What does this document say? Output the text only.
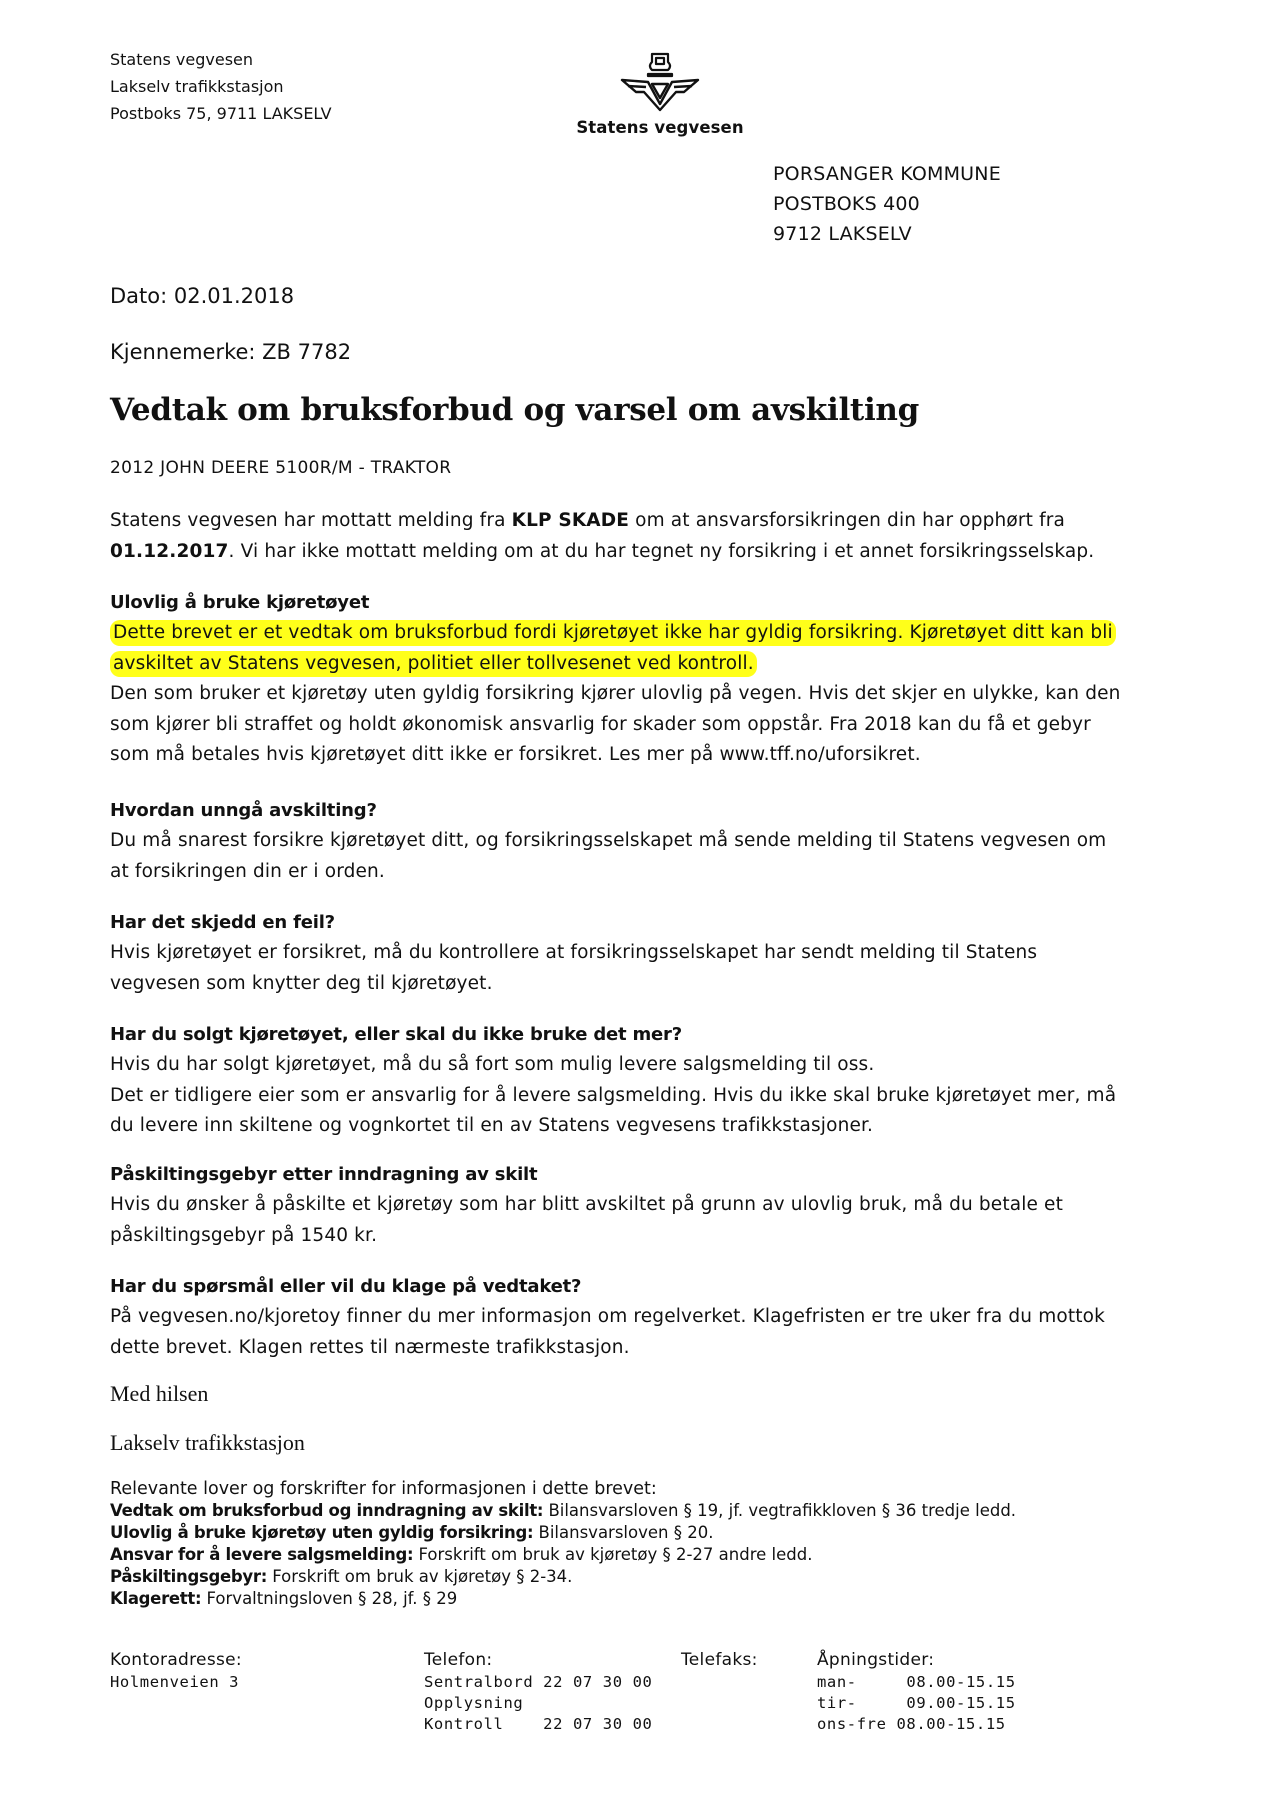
Statens vegvesen
Lakselv trafikkstasjon
Postboks 75, 9711 LAKSELV
Statens vegvesen
PORSANGER KOMMUNE
POSTBOKS 400
9712 LAKSELV
Dato: 02.01.2018
Kjennemerke: ZB 7782
Vedtak om bruksforbud og varsel om avskilting
2012 JOHN DEERE 5100R/M - TRAKTOR
Statens vegvesen har mottatt melding fra KLP SKADE om at ansvarsforsikringen din har opphørt fra 01.12.2017. Vi har ikke mottatt melding om at du har tegnet ny forsikring i et annet forsikringsselskap.
Ulovlig å bruke kjøretøyet

Dette brevet er et vedtak om bruksforbud fordi kjøretøyet ikke har gyldig forsikring. Kjøretøyet ditt kan bli avskiltet av Statens vegvesen, politiet eller tollvesenet ved kontroll.

Den som bruker et kjøretøy uten gyldig forsikring kjører ulovlig på vegen. Hvis det skjer en ulykke, kan den som kjører bli straffet og holdt økonomisk ansvarlig for skader som oppstår. Fra 2018 kan du få et gebyr som må betales hvis kjøretøyet ditt ikke er forsikret. Les mer på www.tff.no/uforsikret.

Hvordan unngå avskilting?

Du må snarest forsikre kjøretøyet ditt, og forsikringsselskapet må sende melding til Statens vegvesen om at forsikringen din er i orden.

Har det skjedd en feil?

Hvis kjøretøyet er forsikret, må du kontrollere at forsikringsselskapet har sendt melding til Statens vegvesen som knytter deg til kjøretøyet.

Har du solgt kjøretøyet, eller skal du ikke bruke det mer?

Hvis du har solgt kjøretøyet, må du så fort som mulig levere salgsmelding til oss.

Det er tidligere eier som er ansvarlig for å levere salgsmelding. Hvis du ikke skal bruke kjøretøyet mer, må du levere inn skiltene og vognkortet til en av Statens vegvesens trafikkstasjoner.

Påskiltingsgebyr etter inndragning av skilt

Hvis du ønsker å påskilte et kjøretøy som har blitt avskiltet på grunn av ulovlig bruk, må du betale et påskiltingsgebyr på 1540 kr.

Har du spørsmål eller vil du klage på vedtaket?

På vegvesen.no/kjoretoy finner du mer informasjon om regelverket. Klagefristen er tre uker fra du mottok dette brevet. Klagen rettes til nærmeste trafikkstasjon.

Med hilsen
Lakselv trafikkstasjon
Relevante lover og forskrifter for informasjonen i dette brevet:
Vedtak om bruksforbud og inndragning av skilt: Bilansvarsloven § 19, jf. vegtrafikkloven § 36 tredje ledd.
Ulovlig å bruke kjøretøy uten gyldig forsikring: Bilansvarsloven § 20.
Ansvar for å levere salgsmelding: Forskrift om bruk av kjøretøy § 2-27 andre ledd.
Påskiltingsgebyr: Forskrift om bruk av kjøretøy § 2-34.
Klagerett: Forvaltningsloven § 28, jf. § 29
Kontoradresse:
Holmenveien 3
Telefon:
Sentralbord 22 07 30 00
Opplysning
Kontroll    22 07 30 00
Telefaks:	Åpningstider:
man-     08.00-15.15
tir-     09.00-15.15
ons-fre 08.00-15.15
